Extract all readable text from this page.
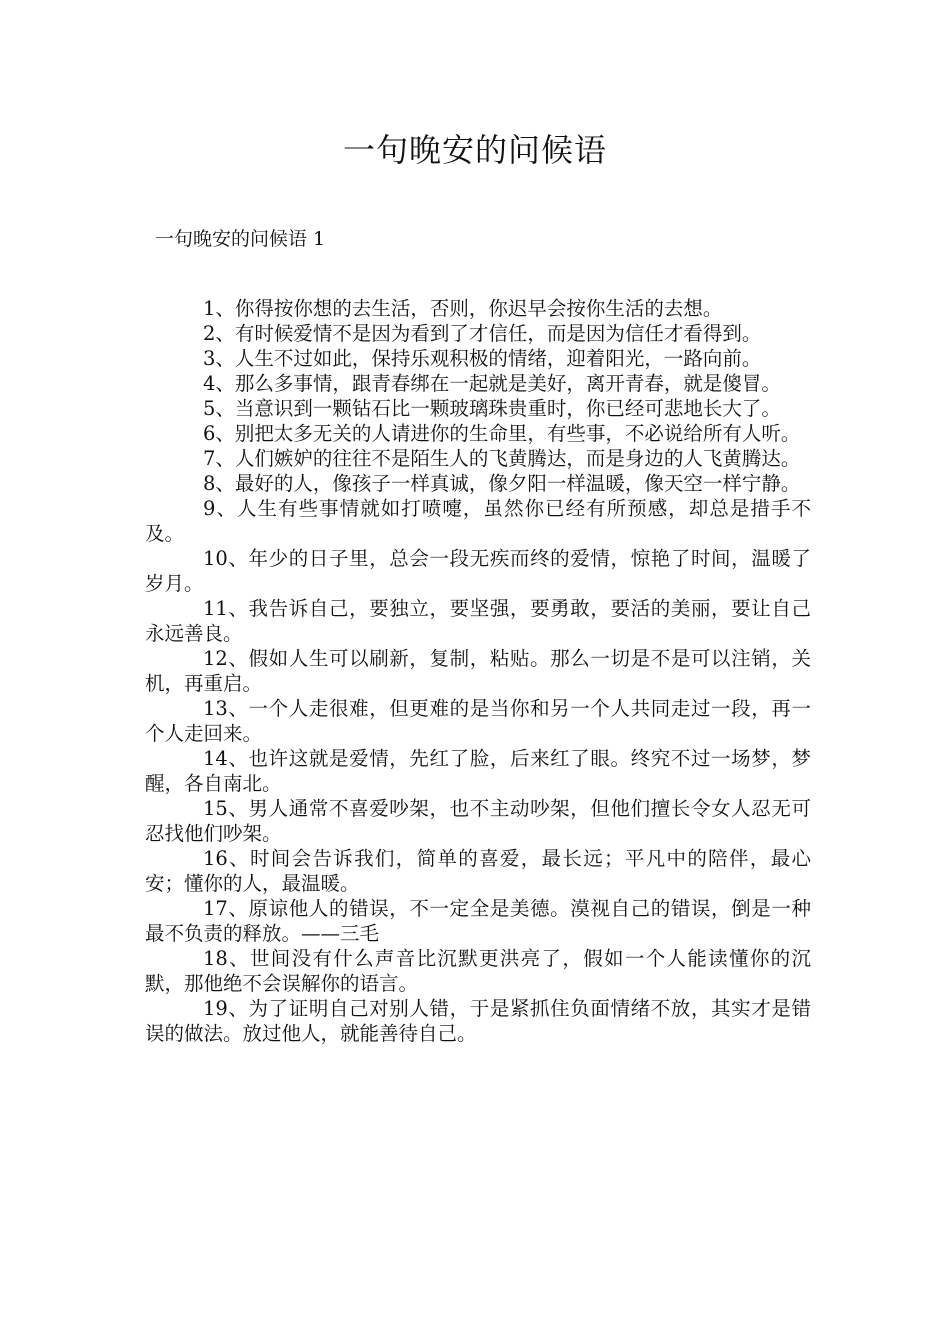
一句晚安的问候语
一句晚安的问候语 1

1、你得按你想的去生活，否则，你迟早会按你生活的去想。

2、有时候爱情不是因为看到了才信任，而是因为信任才看得到。

3、人生不过如此，保持乐观积极的情绪，迎着阳光，一路向前。

4、那么多事情，跟青春绑在一起就是美好，离开青春，就是傻冒。

5、当意识到一颗钻石比一颗玻璃珠贵重时，你已经可悲地长大了。

6、别把太多无关的人请进你的生命里，有些事，不必说给所有人听。

7、人们嫉妒的往往不是陌生人的飞黄腾达，而是身边的人飞黄腾达。

8、最好的人，像孩子一样真诚，像夕阳一样温暖，像天空一样宁静。

9、人生有些事情就如打喷嚏，虽然你已经有所预感，却总是措手不及。

10、年少的日子里，总会一段无疾而终的爱情，惊艳了时间，温暖了岁月。

11、我告诉自己，要独立，要坚强，要勇敢，要活的美丽，要让自己永远善良。

12、假如人生可以刷新，复制，粘贴。那么一切是不是可以注销，关机，再重启。

13、一个人走很难，但更难的是当你和另一个人共同走过一段，再一个人走回来。

14、也许这就是爱情，先红了脸，后来红了眼。终究不过一场梦，梦醒，各自南北。

15、男人通常不喜爱吵架，也不主动吵架，但他们擅长令女人忍无可忍找他们吵架。

16、时间会告诉我们，简单的喜爱，最长远；平凡中的陪伴，最心安；懂你的人，最温暖。

17、原谅他人的错误，不一定全是美德。漠视自己的错误，倒是一种最不负责的释放。——三毛

18、世间没有什么声音比沉默更洪亮了，假如一个人能读懂你的沉默，那他绝不会误解你的语言。

19、为了证明自己对别人错，于是紧抓住负面情绪不放，其实才是错误的做法。放过他人，就能善待自己。
